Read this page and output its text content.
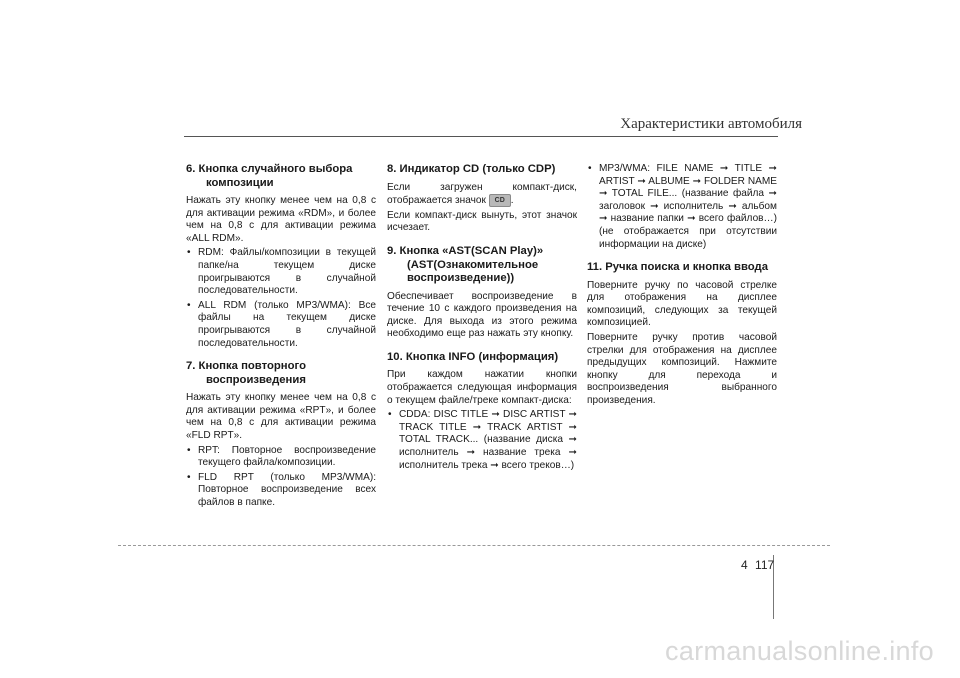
Характеристики автомобиля
6. Кнопка случайного выбора
композиции

Нажать эту кнопку менее чем на 0,8 с для активации режима «RDM», и более чем на 0,8 с для активации режима «ALL RDM».

• RDM: Файлы/композиции в текущей папке/на текущем диске проигрываются в случайной последовательности.
• ALL RDM (только MP3/WMA): Все файлы на текущем диске проигрываются в случайной последовательности.
7. Кнопка повторного
воспроизведения

Нажать эту кнопку менее чем на 0,8 с для активации режима «RPT», и более чем на 0,8 с для активации режима «FLD RPT».

• RPT: Повторное воспроизведение текущего файла/композиции.
• FLD RPT (только MP3/WMA): Повторное воспроизведение всех файлов в папке.
8. Индикатор CD (только CDP)

Если загружен компакт-диск, отображается значок CD .

Если компакт-диск вынуть, этот значок исчезает.

9. Кнопка «AST(SCAN Play)»
(AST(Ознакомительное
воспроизведение))

Обеспечивает воспроизведение в течение 10 с каждого произведения на диске. Для выхода из этого режима необходимо еще раз нажать эту кнопку.

10. Кнопка INFO (информация)

При каждом нажатии кнопки отображается следующая информация о текущем файле/треке компакт-диска:

• CDDA: DISC TITLE ➞ DISC ARTIST ➞ TRACK TITLE ➞ TRACK ARTIST ➞ TOTAL TRACK... (название диска ➞ исполнитель ➞ название трека ➞ исполнитель трека ➞ всего треков…)
• MP3/WMA: FILE NAME ➞ TITLE ➞ ARTIST ➞ ALBUME ➞ FOLDER NAME ➞ TOTAL FILE... (название файла ➞ заголовок ➞ исполнитель ➞ альбом ➞ название папки ➞ всего файлов…) (не отображается при отсутствии информации на диске)
11. Ручка поиска и кнопка ввода

Поверните ручку по часовой стрелке для отображения на дисплее композиций, следующих за текущей композицией.

Поверните ручку против часовой стрелки для отображения на дисплее предыдущих композиций. Нажмите кнопку для перехода и воспроизведения выбранного произведения.

4 117
carmanualsonline.info
